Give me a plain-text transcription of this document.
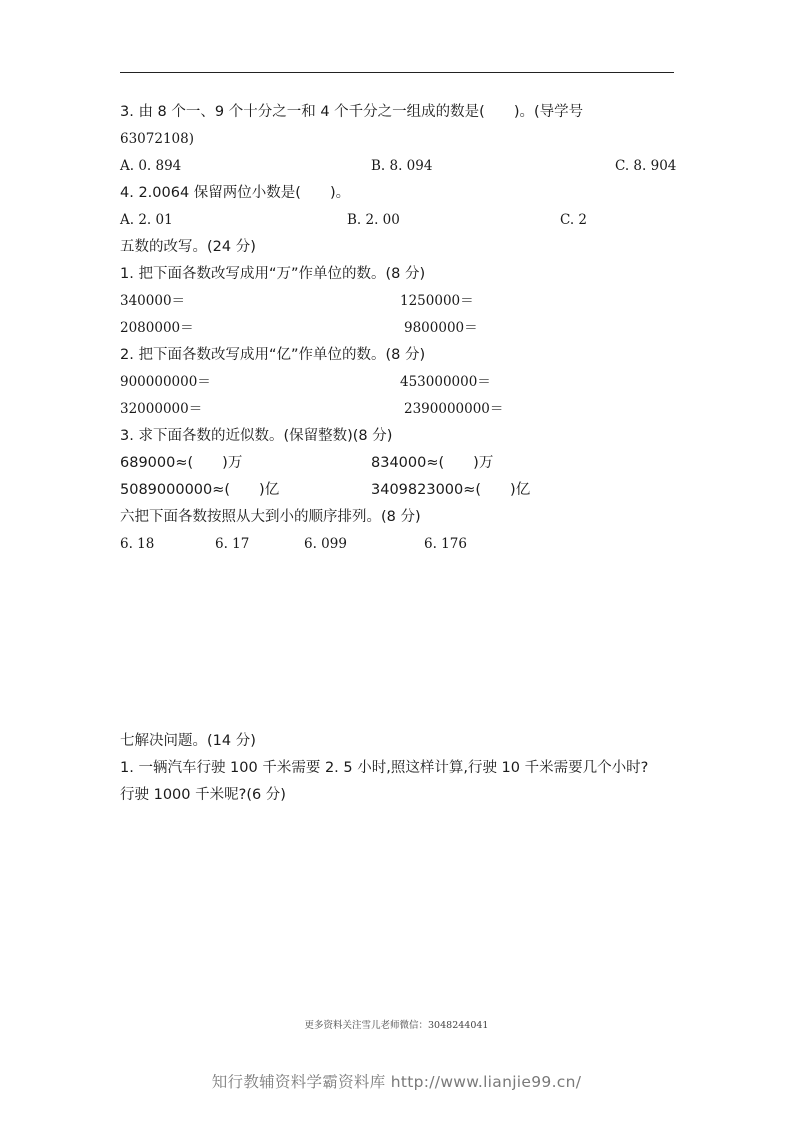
3. 由 8 个一、9 个十分之一和 4 个千分之一组成的数是(　　)。(导学号
63072108)
A. 0. 894	B. 8. 094	C. 8. 904
4. 2.0064 保留两位小数是(　　)。
A. 2. 01	B. 2. 00	C. 2
五数的改写。(24 分)
1. 把下面各数改写成用“万”作单位的数。(8 分)
340000＝	1250000＝
2080000＝	9800000＝
2. 把下面各数改写成用“亿”作单位的数。(8 分)
900000000＝	453000000＝
32000000＝	2390000000＝
3. 求下面各数的近似数。(保留整数)(8 分)
689000≈(　　)万	834000≈(　　)万
5089000000≈(　　)亿	3409823000≈(　　)亿
六把下面各数按照从大到小的顺序排列。(8 分)
6. 18	6. 17	6. 099	6. 176
七解决问题。(14 分)
1. 一辆汽车行驶 100 千米需要 2. 5 小时,照这样计算,行驶 10 千米需要几个小时?
行驶 1000 千米呢?(6 分)
更多资料关注雪儿老师微信：3048244041
知行教辅资料学霸资料库 http://www.lianjie99.cn/
